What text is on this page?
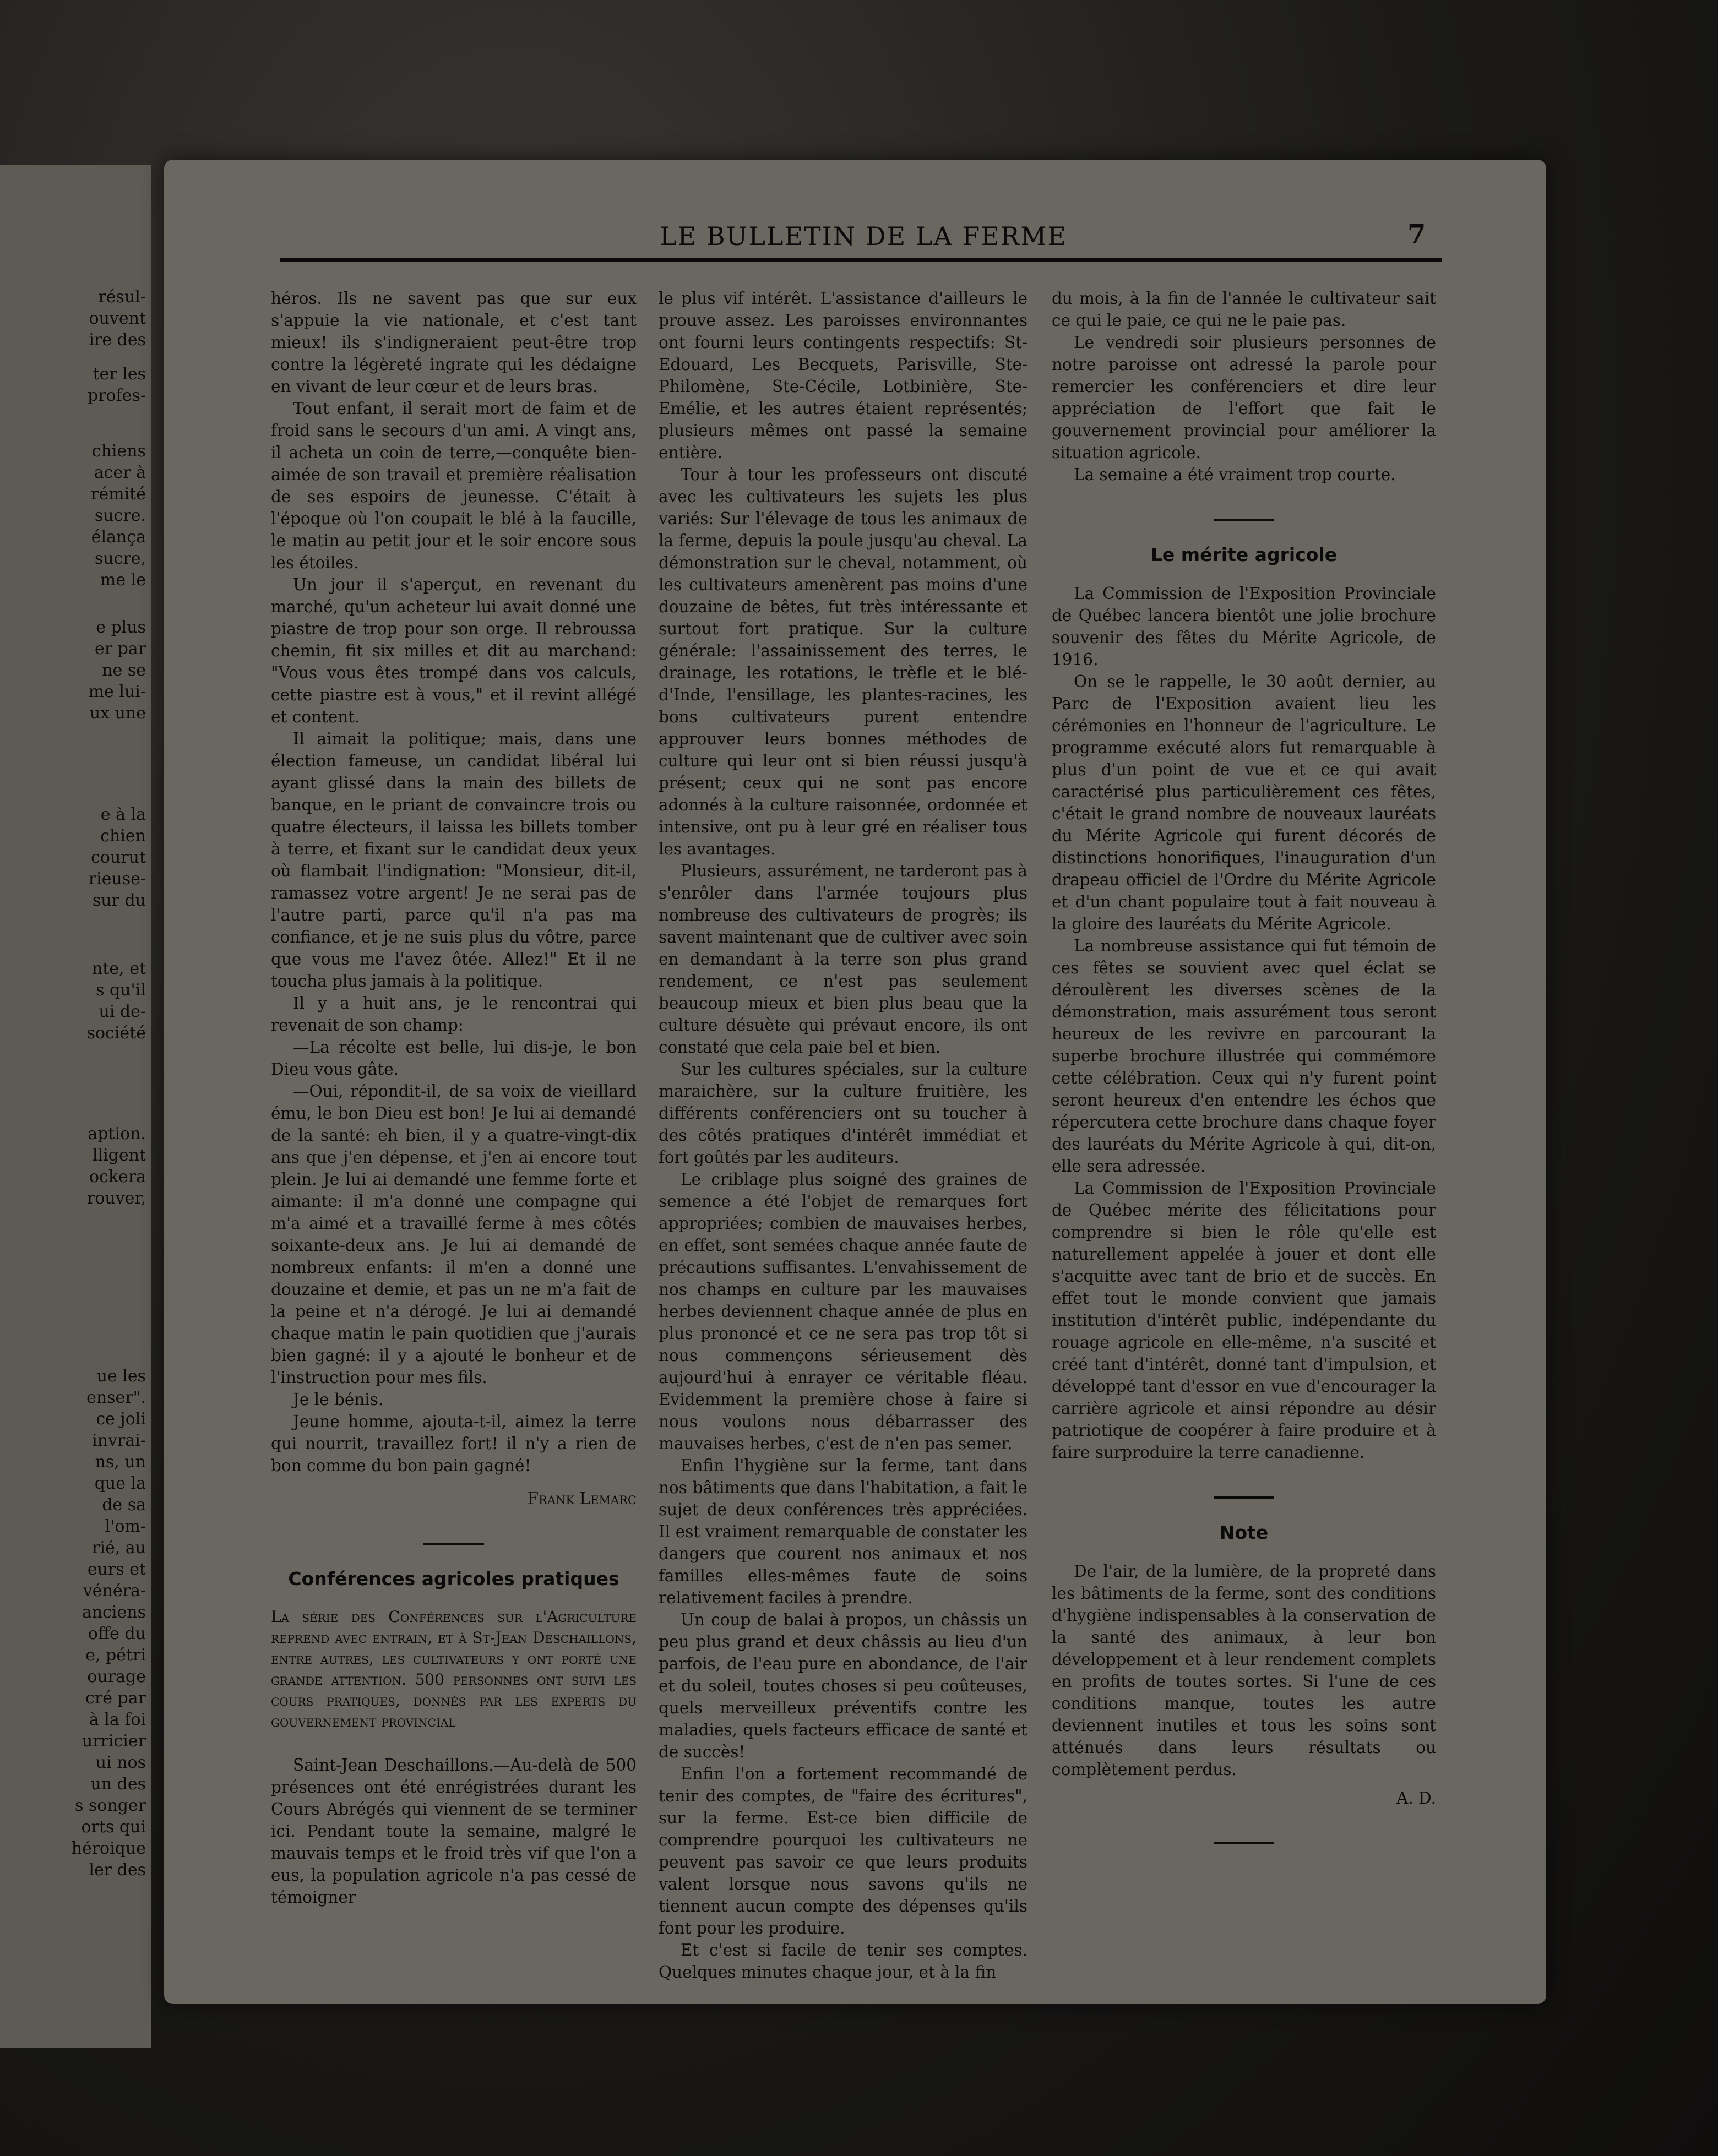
résul-
ouvent
ire des
ter les
profes-
chiens
acer à
rémité
sucre.
élança
sucre,
me le
e plus
er par
ne se
me lui-
ux une
e à la
chien
courut
rieuse-
sur du
nte, et
s qu'il
ui de-
société
aption.
lligent
ockera
rouver,
ue les
enser".
ce joli
invrai-
ns, un
que la
de sa
l'om-
rié, au
eurs et
vénéra-
anciens
offe du
e, pétri
ourage
cré par
à la foi
urricier
ui nos
un des
s songer
orts qui
héroique
ler des
LE BULLETIN DE LA FERME	7

héros. Ils ne savent pas que sur eux s'appuie la vie nationale, et c'est tant mieux! ils s'indigneraient peut-être trop contre la légèreté ingrate qui les dédaigne en vivant de leur cœur et de leurs bras.

Tout enfant, il serait mort de faim et de froid sans le secours d'un ami. A vingt ans, il acheta un coin de terre,—conquête bien-aimée de son travail et première réalisation de ses espoirs de jeunesse. C'était à l'époque où l'on coupait le blé à la faucille, le matin au petit jour et le soir encore sous les étoiles.

Un jour il s'aperçut, en revenant du marché, qu'un acheteur lui avait donné une piastre de trop pour son orge. Il rebroussa chemin, fit six milles et dit au marchand: "Vous vous êtes trompé dans vos calculs, cette piastre est à vous," et il revint allégé et content.

Il aimait la politique; mais, dans une élection fameuse, un candidat libéral lui ayant glissé dans la main des billets de banque, en le priant de convaincre trois ou quatre électeurs, il laissa les billets tomber à terre, et fixant sur le candidat deux yeux où flambait l'indignation: "Monsieur, dit-il, ramassez votre argent! Je ne serai pas de l'autre parti, parce qu'il n'a pas ma confiance, et je ne suis plus du vôtre, parce que vous me l'avez ôtée. Allez!" Et il ne toucha plus jamais à la politique.

Il y a huit ans, je le rencontrai qui revenait de son champ:

—La récolte est belle, lui dis-je, le bon Dieu vous gâte.

—Oui, répondit-il, de sa voix de vieillard ému, le bon Dieu est bon! Je lui ai demandé de la santé: eh bien, il y a quatre-vingt-dix ans que j'en dépense, et j'en ai encore tout plein. Je lui ai demandé une femme forte et aimante: il m'a donné une compagne qui m'a aimé et a travaillé ferme à mes côtés soixante-deux ans. Je lui ai demandé de nombreux enfants: il m'en a donné une douzaine et demie, et pas un ne m'a fait de la peine et n'a dérogé. Je lui ai demandé chaque matin le pain quotidien que j'aurais bien gagné: il y a ajouté le bonheur et de l'instruction pour mes fils.

Je le bénis.

Jeune homme, ajouta-t-il, aimez la terre qui nourrit, travaillez fort! il n'y a rien de bon comme du bon pain gagné!

Frank Lemarc
Conférences agricoles pratiques
La série des Conférences sur l'Agriculture reprend avec entrain, et à St-Jean Deschaillons, entre autres, les cultivateurs y ont porté une grande attention. 500 personnes ont suivi les cours pratiques, donnés par les experts du gouvernement provincial

Saint-Jean Deschaillons.—Au-delà de 500 présences ont été enrégistrées durant les Cours Abrégés qui viennent de se terminer ici. Pendant toute la semaine, malgré le mauvais temps et le froid très vif que l'on a eus, la population agricole n'a pas cessé de témoigner

le plus vif intérêt. L'assistance d'ailleurs le prouve assez. Les paroisses environnantes ont fourni leurs contingents respectifs: St-Edouard, Les Becquets, Parisville, Ste-Philomène, Ste-Cécile, Lotbinière, Ste-Emélie, et les autres étaient représentés; plusieurs mêmes ont passé la semaine entière.

Tour à tour les professeurs ont discuté avec les cultivateurs les sujets les plus variés: Sur l'élevage de tous les animaux de la ferme, depuis la poule jusqu'au cheval. La démonstration sur le cheval, notamment, où les cultivateurs amenèrent pas moins d'une douzaine de bêtes, fut très intéressante et surtout fort pratique. Sur la culture générale: l'assainissement des terres, le drainage, les rotations, le trèfle et le blé-d'Inde, l'ensillage, les plantes-racines, les bons cultivateurs purent entendre approuver leurs bonnes méthodes de culture qui leur ont si bien réussi jusqu'à présent; ceux qui ne sont pas encore adonnés à la culture raisonnée, ordonnée et intensive, ont pu à leur gré en réaliser tous les avantages.

Plusieurs, assurément, ne tarderont pas à s'enrôler dans l'armée toujours plus nombreuse des cultivateurs de progrès; ils savent maintenant que de cultiver avec soin en demandant à la terre son plus grand rendement, ce n'est pas seulement beaucoup mieux et bien plus beau que la culture désuète qui prévaut encore, ils ont constaté que cela paie bel et bien.

Sur les cultures spéciales, sur la culture maraichère, sur la culture fruitière, les différents conférenciers ont su toucher à des côtés pratiques d'intérêt immédiat et fort goûtés par les auditeurs.

Le criblage plus soigné des graines de semence a été l'objet de remarques fort appropriées; combien de mauvaises herbes, en effet, sont semées chaque année faute de précautions suffisantes. L'envahissement de nos champs en culture par les mauvaises herbes deviennent chaque année de plus en plus prononcé et ce ne sera pas trop tôt si nous commençons sérieusement dès aujourd'hui à enrayer ce véritable fléau. Evidemment la première chose à faire si nous voulons nous débarrasser des mauvaises herbes, c'est de n'en pas semer.

Enfin l'hygiène sur la ferme, tant dans nos bâtiments que dans l'habitation, a fait le sujet de deux conférences très appréciées. Il est vraiment remarquable de constater les dangers que courent nos animaux et nos familles elles-mêmes faute de soins relativement faciles à prendre.

Un coup de balai à propos, un châssis un peu plus grand et deux châssis au lieu d'un parfois, de l'eau pure en abondance, de l'air et du soleil, toutes choses si peu coûteuses, quels merveilleux préventifs contre les maladies, quels facteurs efficace de santé et de succès!

Enfin l'on a fortement recommandé de tenir des comptes, de "faire des écritures", sur la ferme. Est-ce bien difficile de comprendre pourquoi les cultivateurs ne peuvent pas savoir ce que leurs produits valent lorsque nous savons qu'ils ne tiennent aucun compte des dépenses qu'ils font pour les produire.

Et c'est si facile de tenir ses comptes. Quelques minutes chaque jour, et à la fin

du mois, à la fin de l'année le cultivateur sait ce qui le paie, ce qui ne le paie pas.

Le vendredi soir plusieurs personnes de notre paroisse ont adressé la parole pour remercier les conférenciers et dire leur appréciation de l'effort que fait le gouvernement provincial pour améliorer la situation agricole.

La semaine a été vraiment trop courte.

Le mérite agricole

La Commission de l'Exposition Provinciale de Québec lancera bientôt une jolie brochure souvenir des fêtes du Mérite Agricole, de 1916.

On se le rappelle, le 30 août dernier, au Parc de l'Exposition avaient lieu les cérémonies en l'honneur de l'agriculture. Le programme exécuté alors fut remarquable à plus d'un point de vue et ce qui avait caractérisé plus particulièrement ces fêtes, c'était le grand nombre de nouveaux lauréats du Mérite Agricole qui furent décorés de distinctions honorifiques, l'inauguration d'un drapeau officiel de l'Ordre du Mérite Agricole et d'un chant populaire tout à fait nouveau à la gloire des lauréats du Mérite Agricole.

La nombreuse assistance qui fut témoin de ces fêtes se souvient avec quel éclat se déroulèrent les diverses scènes de la démonstration, mais assurément tous seront heureux de les revivre en parcourant la superbe brochure illustrée qui commémore cette célébration. Ceux qui n'y furent point seront heureux d'en entendre les échos que répercutera cette brochure dans chaque foyer des lauréats du Mérite Agricole à qui, dit-on, elle sera adressée.

La Commission de l'Exposition Provinciale de Québec mérite des félicitations pour comprendre si bien le rôle qu'elle est naturellement appelée à jouer et dont elle s'acquitte avec tant de brio et de succès. En effet tout le monde convient que jamais institution d'intérêt public, indépendante du rouage agricole en elle-même, n'a suscité et créé tant d'intérêt, donné tant d'impulsion, et développé tant d'essor en vue d'encourager la carrière agricole et ainsi répondre au désir patriotique de coopérer à faire produire et à faire surproduire la terre canadienne.

Note

De l'air, de la lumière, de la propreté dans les bâtiments de la ferme, sont des conditions d'hygiène indispensables à la conservation de la santé des animaux, à leur bon développement et à leur rendement complets en profits de toutes sortes. Si l'une de ces conditions manque, toutes les autre deviennent inutiles et tous les soins sont atténués dans leurs résultats ou complètement perdus.

A. D.
